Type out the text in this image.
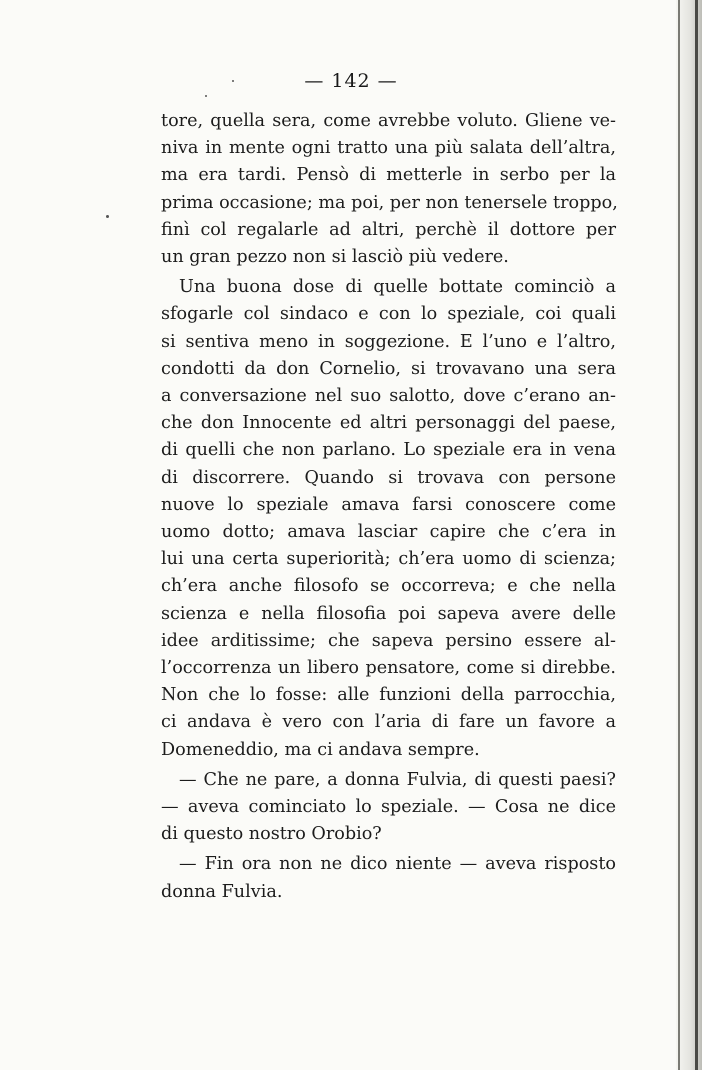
— 142 —
tore, quella sera, come avrebbe voluto. Gliene ve-
niva in mente ogni tratto una più salata dell’altra,
ma era tardi. Pensò di metterle in serbo per la
prima occasione; ma poi, per non tenersele troppo,
finì col regalarle ad altri, perchè il dottore per
un gran pezzo non si lasciò più vedere.
Una buona dose di quelle bottate cominciò a
sfogarle col sindaco e con lo speziale, coi quali
si sentiva meno in soggezione. E l’uno e l’altro,
condotti da don Cornelio, si trovavano una sera
a conversazione nel suo salotto, dove c’erano an-
che don Innocente ed altri personaggi del paese,
di quelli che non parlano. Lo speziale era in vena
di discorrere. Quando si trovava con persone
nuove lo speziale amava farsi conoscere come
uomo dotto; amava lasciar capire che c’era in
lui una certa superiorità; ch’era uomo di scienza;
ch’era anche filosofo se occorreva; e che nella
scienza e nella filosofia poi sapeva avere delle
idee arditissime; che sapeva persino essere al-
l’occorrenza un libero pensatore, come si direbbe.
Non che lo fosse: alle funzioni della parrocchia,
ci andava è vero con l’aria di fare un favore a
Domeneddio, ma ci andava sempre.
— Che ne pare, a donna Fulvia, di questi paesi?
— aveva cominciato lo speziale. — Cosa ne dice
di questo nostro Orobio?
— Fin ora non ne dico niente — aveva risposto
donna Fulvia.
